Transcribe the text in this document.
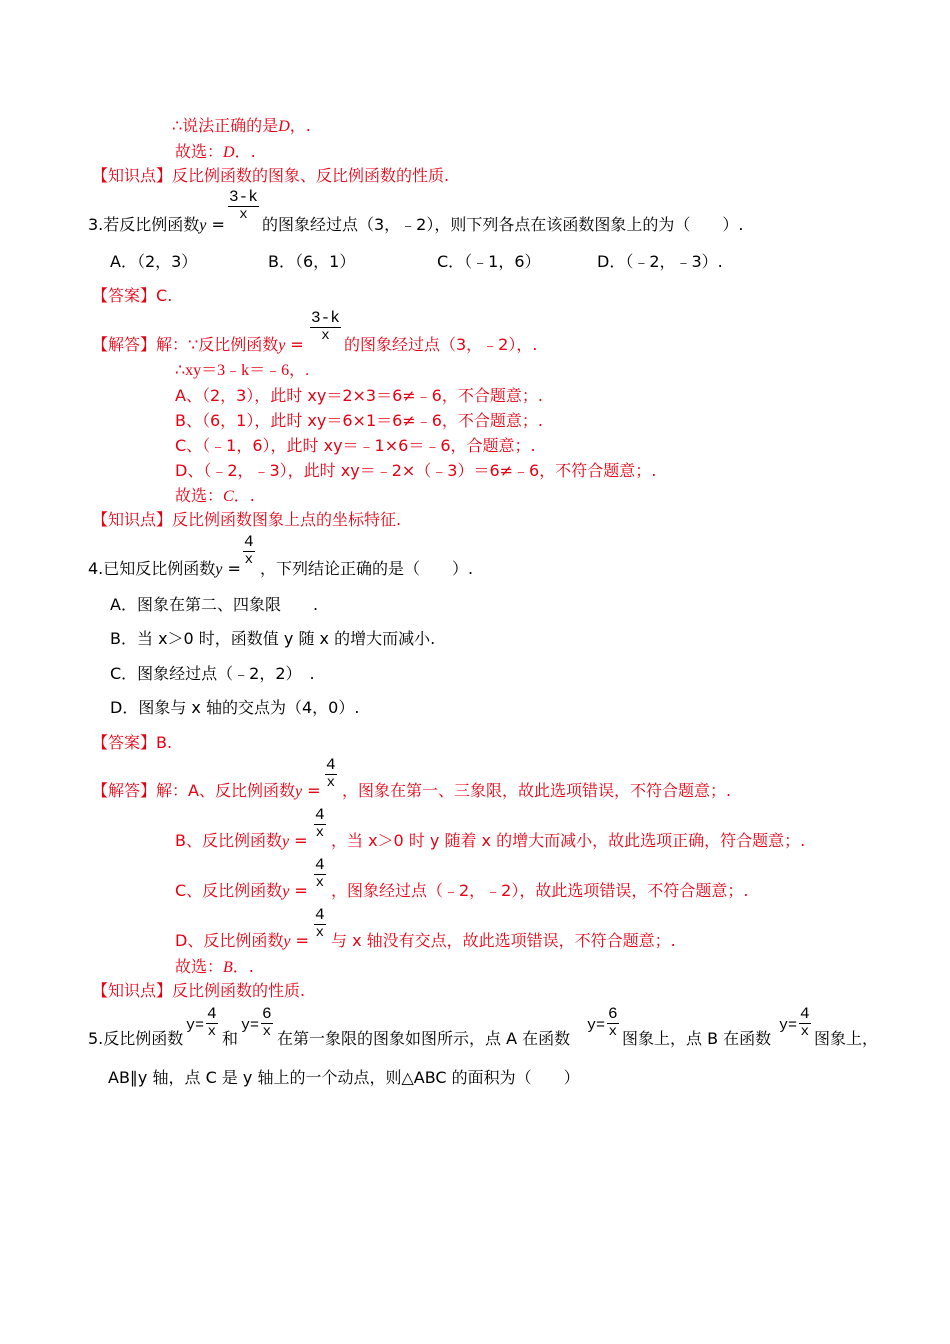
∴说法正确的是D，.
故选：D．.
【知识点】反比例函数的图象、反比例函数的性质.
$\frac{3-k}{x}$
3.若反比例函数y = 的图象经过点（3，﹣2），则下列各点在该函数图象上的为（　　）.
A．（2，3）	B．（6，1）	C．（﹣1，6）	D．（﹣2，﹣3）.
【答案】C.
$\frac{3-k}{x}$
【解答】解：∵反比例函数y =	的图象经过点（3，﹣2），.
∴xy＝3﹣k＝﹣6，.
A、（2，3），此时 xy＝2×3＝6≠﹣6，不合题意；.
B、（6，1），此时 xy＝6×1＝6≠﹣6，不合题意；.
C、（﹣1，6），此时 xy＝﹣1×6＝﹣6，合题意；.
D、（﹣2，﹣3），此时 xy＝﹣2×（﹣3）＝6≠﹣6，不符合题意；.
故选：C．.
【知识点】反比例函数图象上点的坐标特征.
$\frac{4}{x}$
4.已知反比例函数y = ，下列结论正确的是（　　）.
A．图象在第二、四象限　　.
B．当 x＞0 时，函数值 y 随 x 的增大而减小.
C．图象经过点（﹣2，2）　.
D．图象与 x 轴的交点为（4，0）.
【答案】B.
$\frac{4}{x}$
【解答】解：A、反比例函数y = ，图象在第一、三象限，故此选项错误，不符合题意；.
$\frac{4}{x}$
B、反比例函数y = ，当 x＞0 时 y 随着 x 的增大而减小，故此选项正确，符合题意；.
$\frac{4}{x}$
C、反比例函数y = ，图象经过点（﹣2，﹣2），故此选项错误，不符合题意；.
$\frac{4}{x}$
D、反比例函数y = 与 x 轴没有交点，故此选项错误，不符合题意；.
故选：B．.
【知识点】反比例函数的性质.
5.反比例函数
$y= \frac{4}{x}$ 和
$y= \frac{6}{x}$ 在第一象限的图象如图所示，点 A 在函数
$y= \frac{6}{x}$ 图象上，点 B 在函数
$y= \frac{4}{x}$ 图象上，
AB∥y 轴，点 C 是 y 轴上的一个动点，则△ABC 的面积为（　　）
